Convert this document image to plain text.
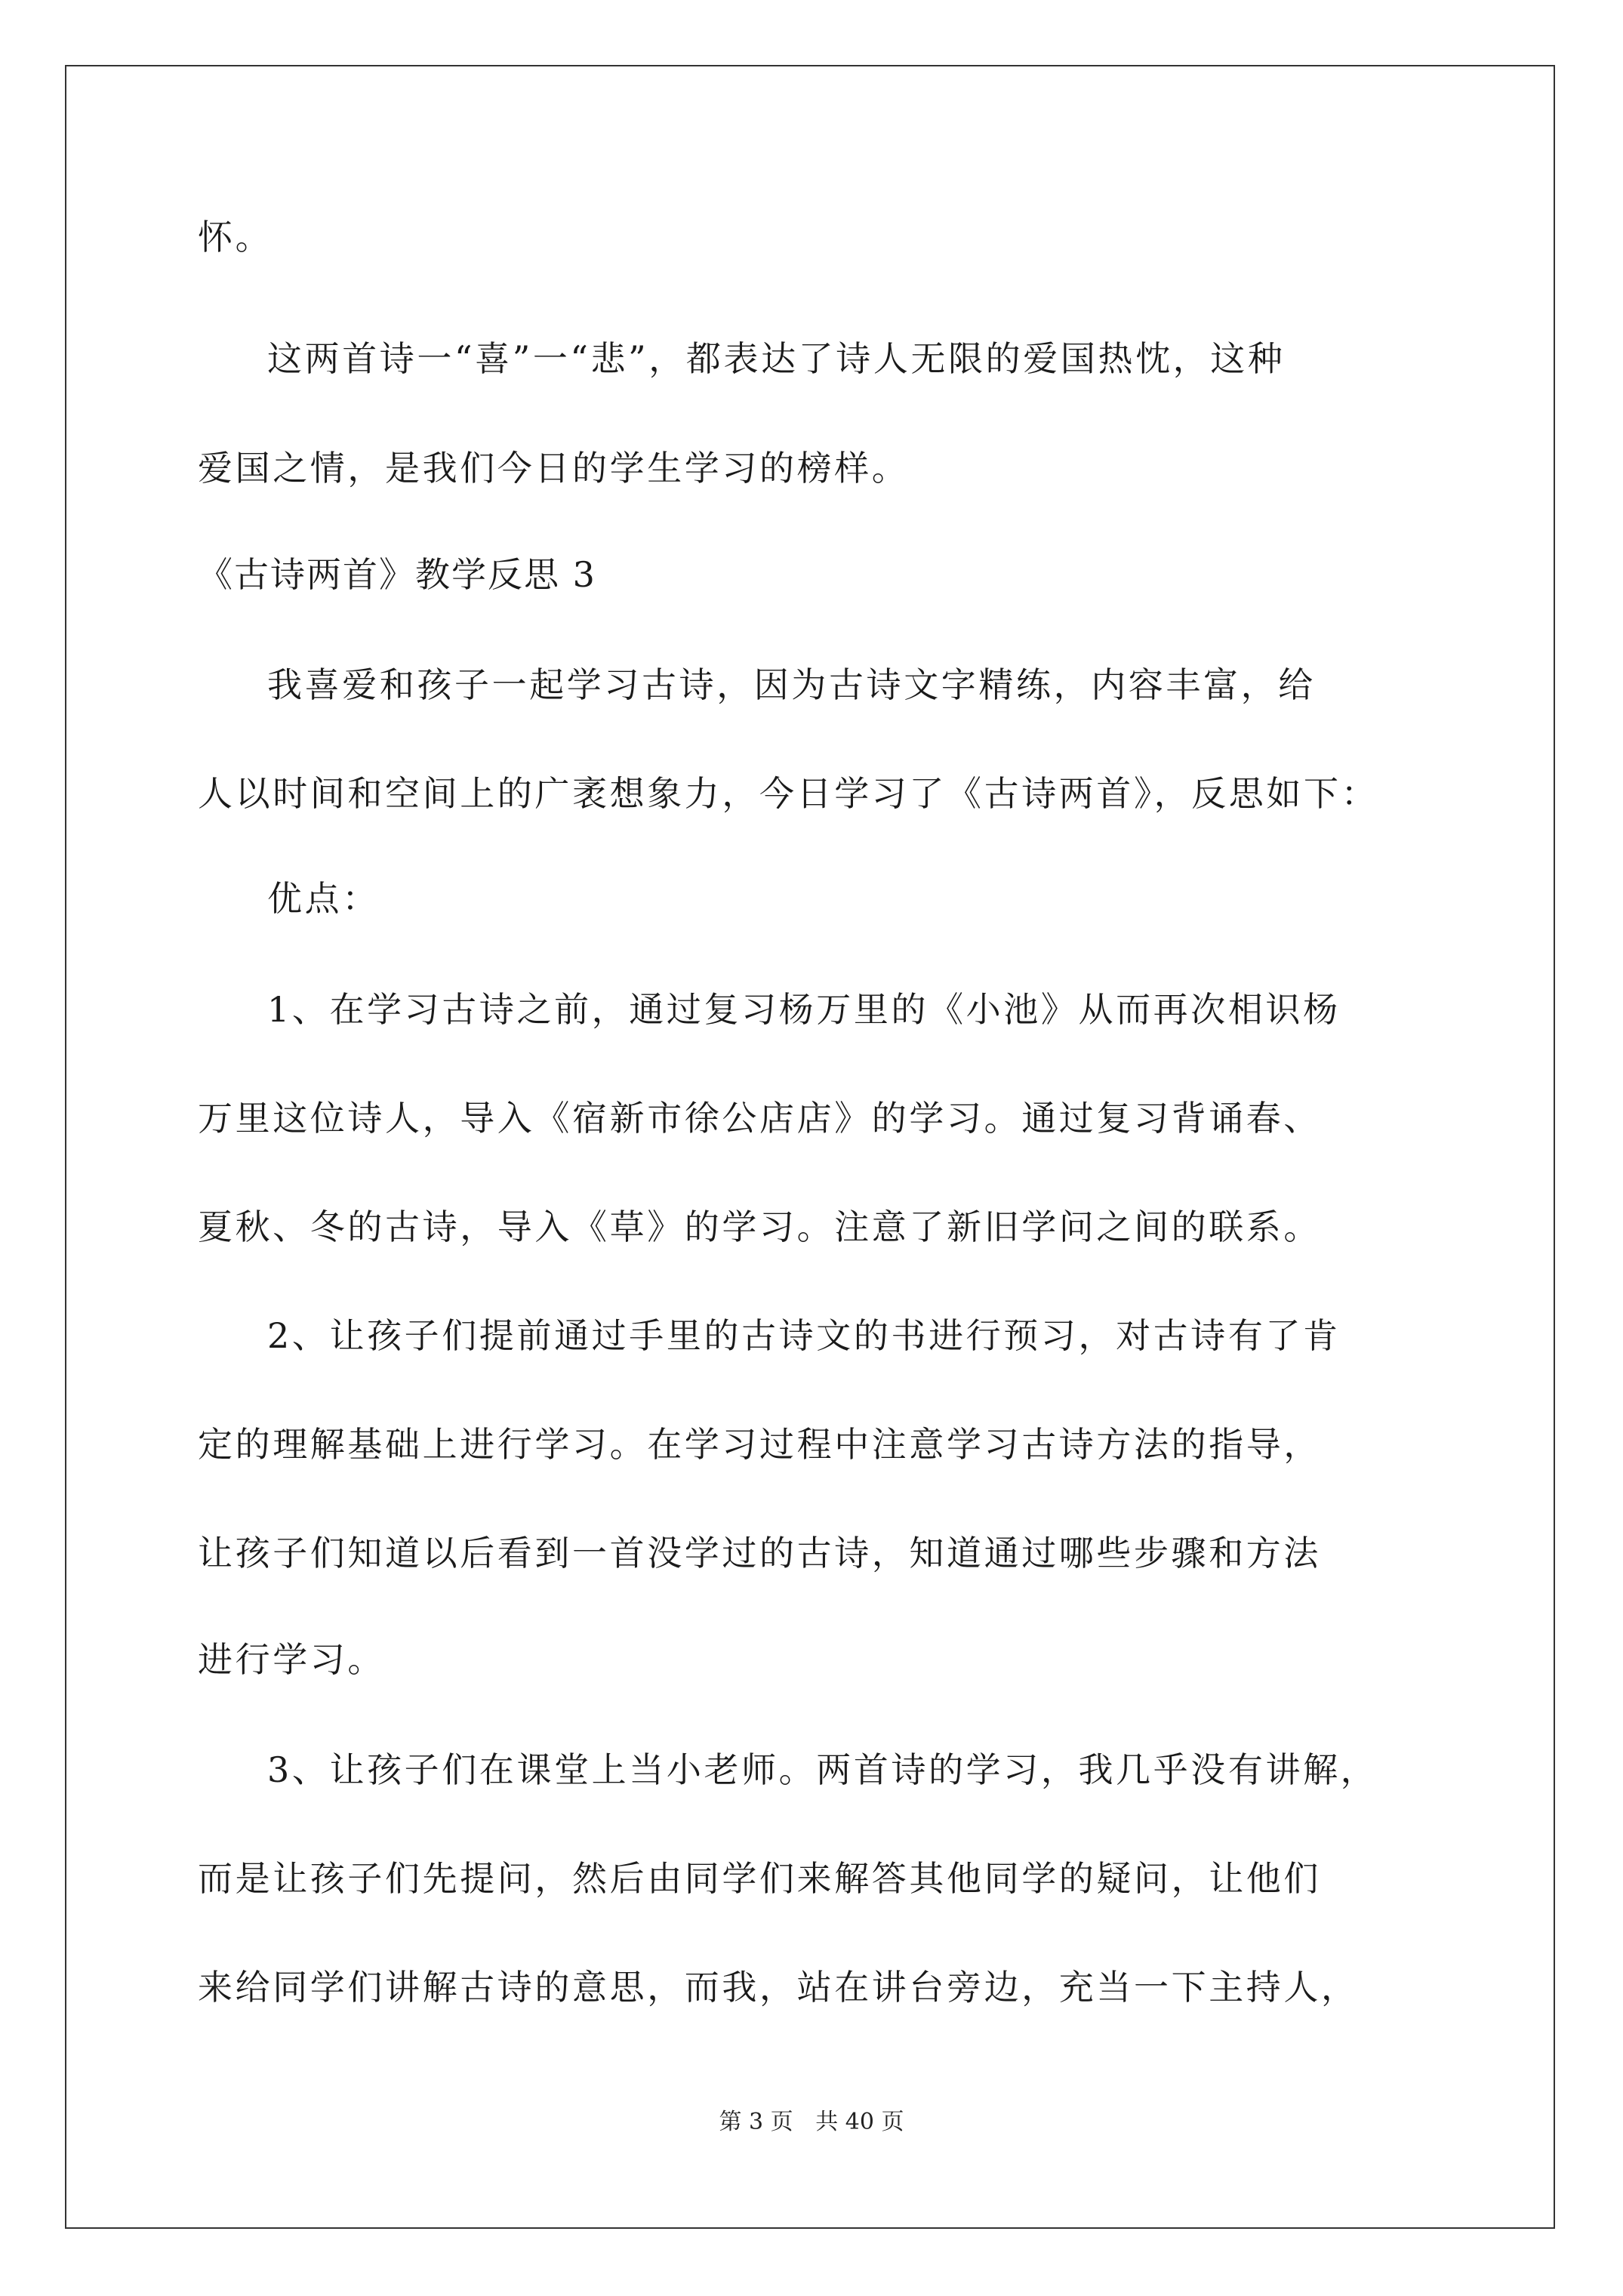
怀。
这两首诗一“喜”一“悲”，都表达了诗人无限的爱国热忱，这种
爱国之情，是我们今日的学生学习的榜样。
《古诗两首》教学反思 3
我喜爱和孩子一起学习古诗，因为古诗文字精练，内容丰富，给
人以时间和空间上的广袤想象力，今日学习了《古诗两首》，反思如下：
优点：
1、在学习古诗之前，通过复习杨万里的《小池》从而再次相识杨
万里这位诗人，导入《宿新市徐公店店》的学习。通过复习背诵春、
夏秋、冬的古诗，导入《草》的学习。注意了新旧学问之间的联系。
2、让孩子们提前通过手里的古诗文的书进行预习，对古诗有了肯
定的理解基础上进行学习。在学习过程中注意学习古诗方法的指导，
让孩子们知道以后看到一首没学过的古诗，知道通过哪些步骤和方法
进行学习。
3、让孩子们在课堂上当小老师。两首诗的学习，我几乎没有讲解，
而是让孩子们先提问，然后由同学们来解答其他同学的疑问，让他们
来给同学们讲解古诗的意思，而我，站在讲台旁边，充当一下主持人，
第 3 页 共 40 页
